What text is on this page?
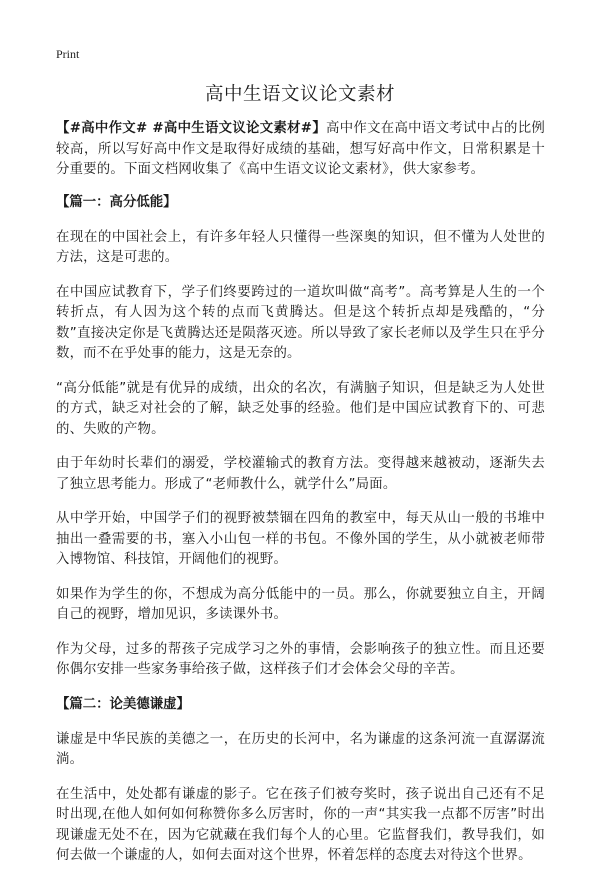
Print
高中生语文议论文素材

【#高中作文# #高中生语文议论文素材#】高中作文在高中语文考试中占的比例较高，所以写好高中作文是取得好成绩的基础，想写好高中作文，日常积累是十分重要的。下面文档网收集了《高中生语文议论文素材》，供大家参考。

【篇一：高分低能】

在现在的中国社会上，有许多年轻人只懂得一些深奥的知识，但不懂为人处世的方法，这是可悲的。

在中国应试教育下，学子们终要跨过的一道坎叫做“高考”。高考算是人生的一个转折点，有人因为这个转的点而飞黄腾达。但是这个转折点却是残酷的，“分数”直接决定你是飞黄腾达还是陨落灭迹。所以导致了家长老师以及学生只在乎分数，而不在乎处事的能力，这是无奈的。

“高分低能”就是有优异的成绩，出众的名次，有满脑子知识，但是缺乏为人处世的方式，缺乏对社会的了解，缺乏处事的经验。他们是中国应试教育下的、可悲的、失败的产物。

由于年幼时长辈们的溺爱，学校灌输式的教育方法。变得越来越被动，逐渐失去了独立思考能力。形成了“老师教什么，就学什么”局面。

从中学开始，中国学子们的视野被禁锢在四角的教室中，每天从山一般的书堆中抽出一叠需要的书，塞入小山包一样的书包。不像外国的学生，从小就被老师带入博物馆、科技馆，开阔他们的视野。

如果作为学生的你，不想成为高分低能中的一员。那么，你就要独立自主，开阔自己的视野，增加见识，多读课外书。

作为父母，过多的帮孩子完成学习之外的事情，会影响孩子的独立性。而且还要你偶尔安排一些家务事给孩子做，这样孩子们才会体会父母的辛苦。

【篇二：论美德谦虚】

谦虚是中华民族的美德之一，在历史的长河中，名为谦虚的这条河流一直潺潺流淌。

在生活中，处处都有谦虚的影子。它在孩子们被夸奖时，孩子说出自己还有不足时出现,在他人如何如何称赞你多么厉害时，你的一声“其实我一点都不厉害”时出现谦虚无处不在，因为它就藏在我们每个人的心里。它监督我们，教导我们，如何去做一个谦虚的人，如何去面对这个世界，怀着怎样的态度去对待这个世界。
